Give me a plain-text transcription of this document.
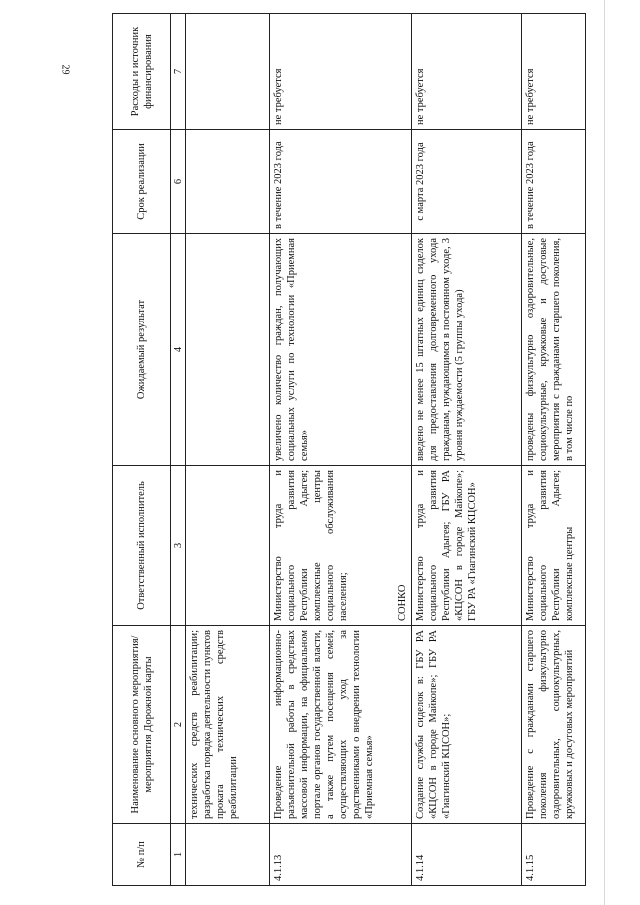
29
№ п/п	Наименование основного мероприятия/мероприятия Дорожной карты	Ответственный исполнитель	Ожидаемый результат	Срок реализации	Расходы и источник финансирования
1	2	3	4	6	7
	технических средств реабилитации; разработка порядка деятельности пунктов проката технических средств реабилитации				
4.1.13	Проведение информационно-разъяснительной работы в средствах массовой информации, на официальном портале органов государственной власти, а также путем посещения семей, осуществляющих уход за родственниками о внедрении технологии «Приемная семья»	Министерство труда и социального развития Республики Адыгея; комплексные центры социального обслуживания населения; СОНКО	увеличено количество граждан, получающих социальных услуги по технологии «Приемная семья»	в течение 2023 года	не требуется
4.1.14	Создание службы сиделок в: ГБУ РА «КЦСОН в городе Майкопе»; ГБУ РА «Гиагинский КЦСОН»;	Министерство труда и социального развития Республики Адыгея; ГБУ РА «КЦСОН в городе Майкопе»; ГБУ РА «Гиагинский КЦСОН»	введено не менее 15 штатных единиц сиделок для предоставления долговременного ухода гражданам, нуждающимся в постоянном уходе, 3 уровня нуждаемости (5 группы ухода)	с марта 2023 года	не требуется
4.1.15	Проведение с гражданами старшего поколения физкультурно оздоровительных, социокультурных, кружковых и досуговых мероприятий	Министерство труда и социального развития Республики Адыгея; комплексные центры	проведены физкультурно оздоровительные, социокультурные, кружковые и досуговые мероприятия с гражданами старшего поколения, в том числе по	в течение 2023 года	не требуется
